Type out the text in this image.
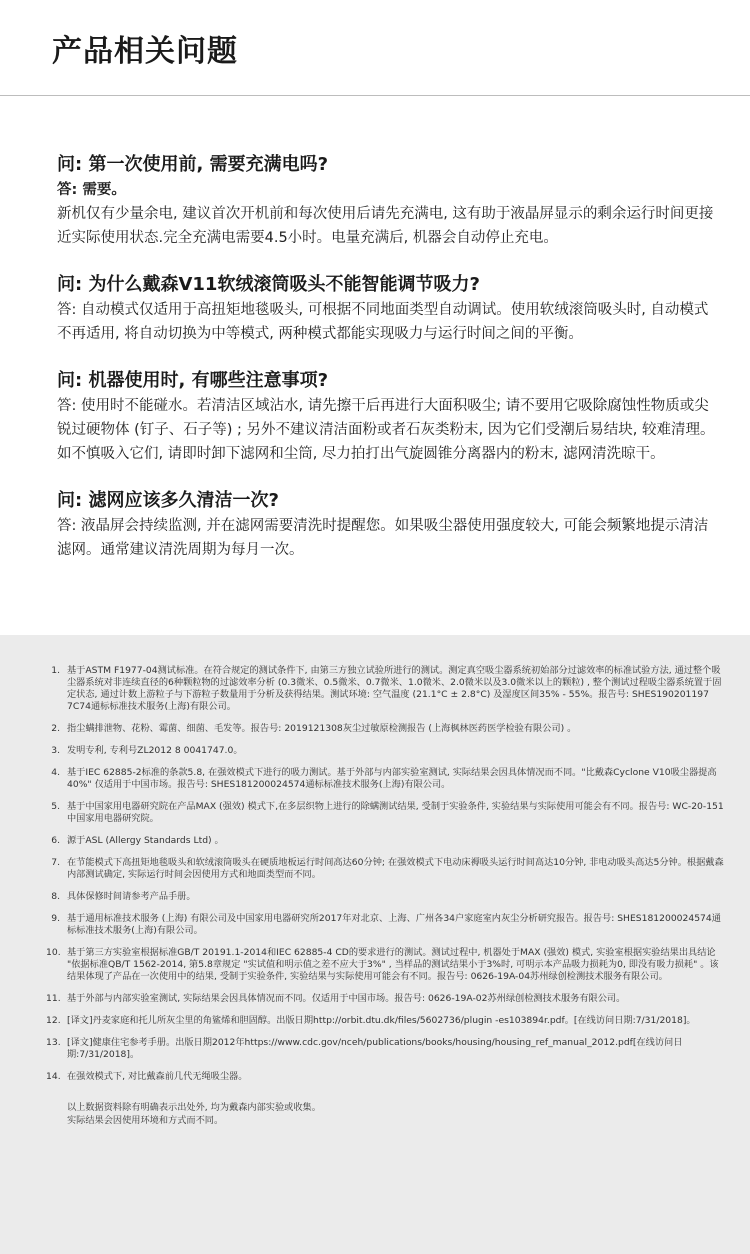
产品相关问题
问: 第一次使用前, 需要充满电吗?
答: 需要。
新机仅有少量余电, 建议首次开机前和每次使用后请先充满电, 这有助于液晶屏显示的剩余运行时间更接近实际使用状态.完全充满电需要4.5小时。电量充满后, 机器会自动停止充电。
问: 为什么戴森V11软绒滚筒吸头不能智能调节吸力?
答: 自动模式仅适用于高扭矩地毯吸头, 可根据不同地面类型自动调试。使用软绒滚筒吸头时, 自动模式不再适用, 将自动切换为中等模式, 两种模式都能实现吸力与运行时间之间的平衡。
问: 机器使用时, 有哪些注意事项?
答: 使用时不能碰水。若清洁区域沾水, 请先擦干后再进行大面积吸尘; 请不要用它吸除腐蚀性物质或尖锐过硬物体 (钉子、石子等) ; 另外不建议清洁面粉或者石灰类粉末, 因为它们受潮后易结块, 较难清理。如不慎吸入它们, 请即时卸下滤网和尘筒, 尽力拍打出气旋圆锥分离器内的粉末, 滤网清洗晾干。
问: 滤网应该多久清洁一次?
答: 液晶屏会持续监测, 并在滤网需要清洗时提醒您。如果吸尘器使用强度较大, 可能会频繁地提示清洁滤网。通常建议清洗周期为每月一次。
1. 基于ASTM F1977-04测试标准。在符合规定的测试条件下, 由第三方独立试验所进行的测试。测定真空吸尘器系统初始部分过滤效率的标准试验方法, 通过整个吸尘器系统对非连续直径的6种颗粒物的过滤效率分析 (0.3微米、0.5微米、0.7微米、1.0微米、2.0微米以及3.0微米以上的颗粒) , 整个测试过程吸尘器系统置于固定状态, 通过计数上游粒子与下游粒子数量用于分析及获得结果。测试环境: 空气温度 (21.1°C ± 2.8°C) 及湿度区间35% - 55%。报告号: SHES190201197 7C74通标标准技术服务(上海)有限公司。
2. 指尘螨排泄物、花粉、霉菌、细菌、毛发等。报告号: 2019121308灰尘过敏原检测报告 (上海枫林医药医学检验有限公司) 。
3. 发明专利, 专利号ZL2012 8 0041747.0。
4. 基于IEC 62885-2标准的条款5.8, 在强效模式下进行的吸力测试。基于外部与内部实验室测试, 实际结果会因具体情况而不同。"比戴森Cyclone V10吸尘器提高40%" 仅适用于中国市场。报告号: SHES181200024574通标标准技术服务(上海)有限公司。
5. 基于中国家用电器研究院在产品MAX (强效) 模式下,在多层织物上进行的除螨测试结果, 受制于实验条件, 实验结果与实际使用可能会有不同。报告号: WC-20-151中国家用电器研究院。
6. 源于ASL (Allergy Standards Ltd) 。
7. 在节能模式下高扭矩地毯吸头和软绒滚筒吸头在硬质地板运行时间高达60分钟; 在强效模式下电动床褥吸头运行时间高达10分钟, 非电动吸头高达5分钟。根据戴森内部测试确定, 实际运行时间会因使用方式和地面类型而不同。
8. 具体保修时间请参考产品手册。
9. 基于通用标准技术服务 (上海) 有限公司及中国家用电器研究所2017年对北京、上海、广州各34户家庭室内灰尘分析研究报告。报告号: SHES181200024574通标标准技术服务(上海)有限公司。
10. 基于第三方实验室根据标准GB/T 20191.1-2014和IEC 62885-4 CD的要求进行的测试。测试过程中, 机器处于MAX (强效) 模式, 实验室根据实验结果出具结论 "依据标准QB/T 1562-2014, 第5.8章规定 "实试值和明示值之差不应大于3%" , 当样品的测试结果小于3%时, 可明示本产品吸力损耗为0, 即没有吸力损耗" 。该结果体现了产品在一次使用中的结果, 受制于实验条件, 实验结果与实际使用可能会有不同。报告号: 0626-19A-04苏州绿创检测技术服务有限公司。
11. 基于外部与内部实验室测试, 实际结果会因具体情况而不同。仅适用于中国市场。报告号: 0626-19A-02苏州绿创检测技术服务有限公司。
12. [译文]丹麦家庭和托儿所灰尘里的角鲨烯和胆固醇。出版日期http://orbit.dtu.dk/files/5602736/plugin -es103894r.pdf。[在线访问日期:7/31/2018]。
13. [译文]健康住宅参考手册。出版日期2012年https://www.cdc.gov/nceh/publications/books/housing/housing_ref_manual_2012.pdf[在线访问日期:7/31/2018]。
14. 在强效模式下, 对比戴森前几代无绳吸尘器。
以上数据资料除有明确表示出处外, 均为戴森内部实验或收集。
实际结果会因使用环境和方式而不同。
